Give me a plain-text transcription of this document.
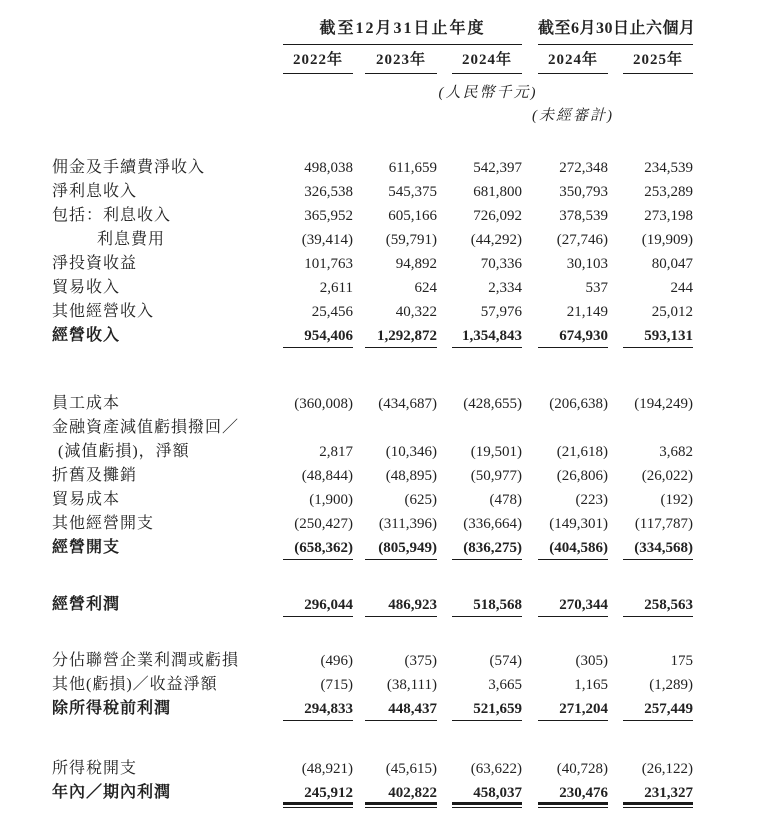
截至12月31日止年度	截至6月30日止六個月
2022年	2023年	2024年	2024年	2025年
(人民幣千元)
(未經審計)
佣金及手續費淨收入	498,038	611,659	542,397	272,348	234,539
淨利息收入	326,538	545,375	681,800	350,793	253,289
包括：利息收入	365,952	605,166	726,092	378,539	273,198
利息費用	(39,414)	(59,791)	(44,292)	(27,746)	(19,909)
淨投資收益	101,763	94,892	70,336	30,103	80,047
貿易收入	2,611	624	2,334	537	244
其他經營收入	25,456	40,322	57,976	21,149	25,012
經營收入	954,406	1,292,872	1,354,843	674,930	593,131
員工成本	(360,008)	(434,687)	(428,655)	(206,638)	(194,249)
金融資產減值虧損撥回／
(減值虧損)，淨額	2,817	(10,346)	(19,501)	(21,618)	3,682
折舊及攤銷	(48,844)	(48,895)	(50,977)	(26,806)	(26,022)
貿易成本	(1,900)	(625)	(478)	(223)	(192)
其他經營開支	(250,427)	(311,396)	(336,664)	(149,301)	(117,787)
經營開支	(658,362)	(805,949)	(836,275)	(404,586)	(334,568)
經營利潤	296,044	486,923	518,568	270,344	258,563
分佔聯營企業利潤或虧損	(496)	(375)	(574)	(305)	175
其他(虧損)／收益淨額	(715)	(38,111)	3,665	1,165	(1,289)
除所得稅前利潤	294,833	448,437	521,659	271,204	257,449
所得稅開支	(48,921)	(45,615)	(63,622)	(40,728)	(26,122)
年內／期內利潤	245,912	402,822	458,037	230,476	231,327
